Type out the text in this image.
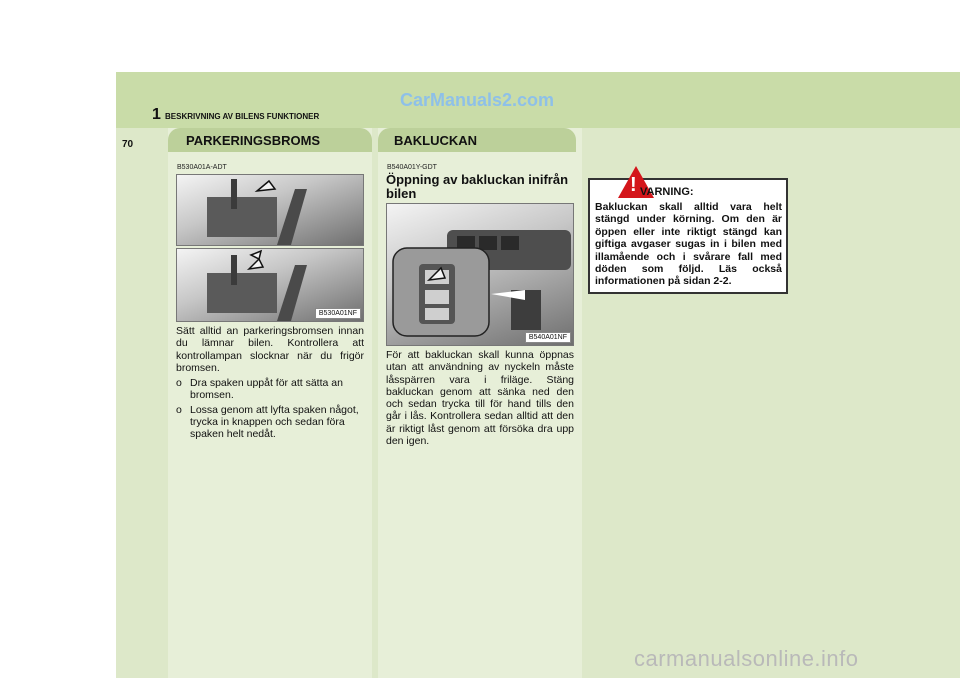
CarManuals2.com
1 BESKRIVNING AV BILENS FUNKTIONER
70	PARKERINGSBROMS
B530A01A-ADT
B530A01NF
Sätt alltid an parkeringsbromsen innan du lämnar bilen. Kontrollera att kontrollampan slocknar när du frigör bromsen.
o Dra spaken uppåt för att sätta an bromsen.
o Lossa genom att lyfta spaken något, trycka in knappen och sedan föra spaken helt nedåt.
BAKLUCKAN
B540A01Y-GDT
Öppning av bakluckan inifrån bilen
B540A01NF
För att bakluckan skall kunna öppnas utan att användning av nyckeln måste låsspärren vara i friläge. Stäng bakluckan genom att sänka ned den och sedan trycka till för hand tills den går i lås. Kontrollera sedan alltid att den är riktigt låst genom att försöka dra upp den igen.
! VARNING:
Bakluckan skall alltid vara helt stängd under körning. Om den är öppen eller inte riktigt stängd kan giftiga avgaser sugas in i bilen med illamående och i svårare fall med döden som följd. Läs också informationen på sidan 2-2.
carmanualsonline.info
